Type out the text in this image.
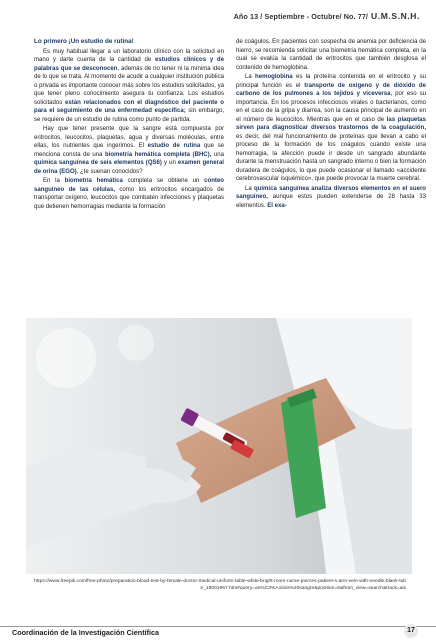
Año 13 / Septiembre - Octubre/ No. 77/ U.M.S.N.H.

Lo primero ¡Un estudio de rutina!

Es muy habitual llegar a un laboratorio clínico con la solicitud en mano y darte cuenta de la cantidad de estudios clínicos y de palabras que se desconocen, además de no tener ni la mínima idea de lo que se trata. Al momento de acudir a cualquier institución pública o privada es importante conocer más sobre los estudios solicitados, ya que tener pleno conocimiento asegura tu confianza. Los estudios solicitados están relacionados con el diagnóstico del paciente o para el seguimiento de una enfermedad específica; sin embargo, se requiere de un estudio de rutina como punto de partida.

Hay que tener presente que la sangre está compuesta por eritrocitos, leucocitos, plaquetas, agua y diversas moléculas, entre ellas, los nutrientes que ingerimos. El estudio de rutina que se menciona consta de una biometría hemática completa (BHC), una química sanguínea de seis elementos (QS6) y un examen general de orina (EGO), ¿te suenan conocidos?

En la biometría hemática completa se obtiene un conteo sanguíneo de las células, como los eritrocitos encargados de transportar oxígeno, leucocitos que combaten infecciones y plaquetas que detienen hemorragias mediante la formación

de coágulos. En pacientes con sospecha de anemia por deficiencia de hierro, se recomienda solicitar una biometría hemática completa, en la cual se evalúa la cantidad de eritrocitos que también desglosa el contenido de hemoglobina.

La hemoglobina es la proteína contenida en el eritrocito y su principal función es el transporte de oxígeno y de dióxido de carbono de los pulmones a los tejidos y viceversa, por eso su importancia. En los procesos infecciosos virales o bacterianos, como en el caso de la gripa y diarrea, son la causa principal de aumento en el número de leucocitos. Mientras que en el caso de las plaquetas sirven para diagnosticar diversos trastornos de la coagulación, es decir, del mal funcionamiento de proteínas que llevan a cabo el proceso de la formación de los coágulos cuando existe una hemorragia, la afección puede ir desde un sangrado abundante durante la menstruación hasta un sangrado interno o bien la formación duradera de coágulos, lo que puede ocasionar el llamado «accidente cerebrovascular isquémico», que puede provocar la muerte cerebral.

La química sanguínea analiza diversos elementos en el suero sanguíneo, aunque estos pueden extenderse de 28 hasta 33 elementos. El exa-

https://www.freepik.com/free-photo/preparation-blood-test-by-female-doctor-medical-uniform-table-white-bright-room-nurse-pierces-patient-s-arm-vein-with-needle-blank-tube_18001967.htm#query=an%C3%A1lisis%20sangre&position=6&from_view=search&track=ais
Coordinación de la Investigación Científica	17
